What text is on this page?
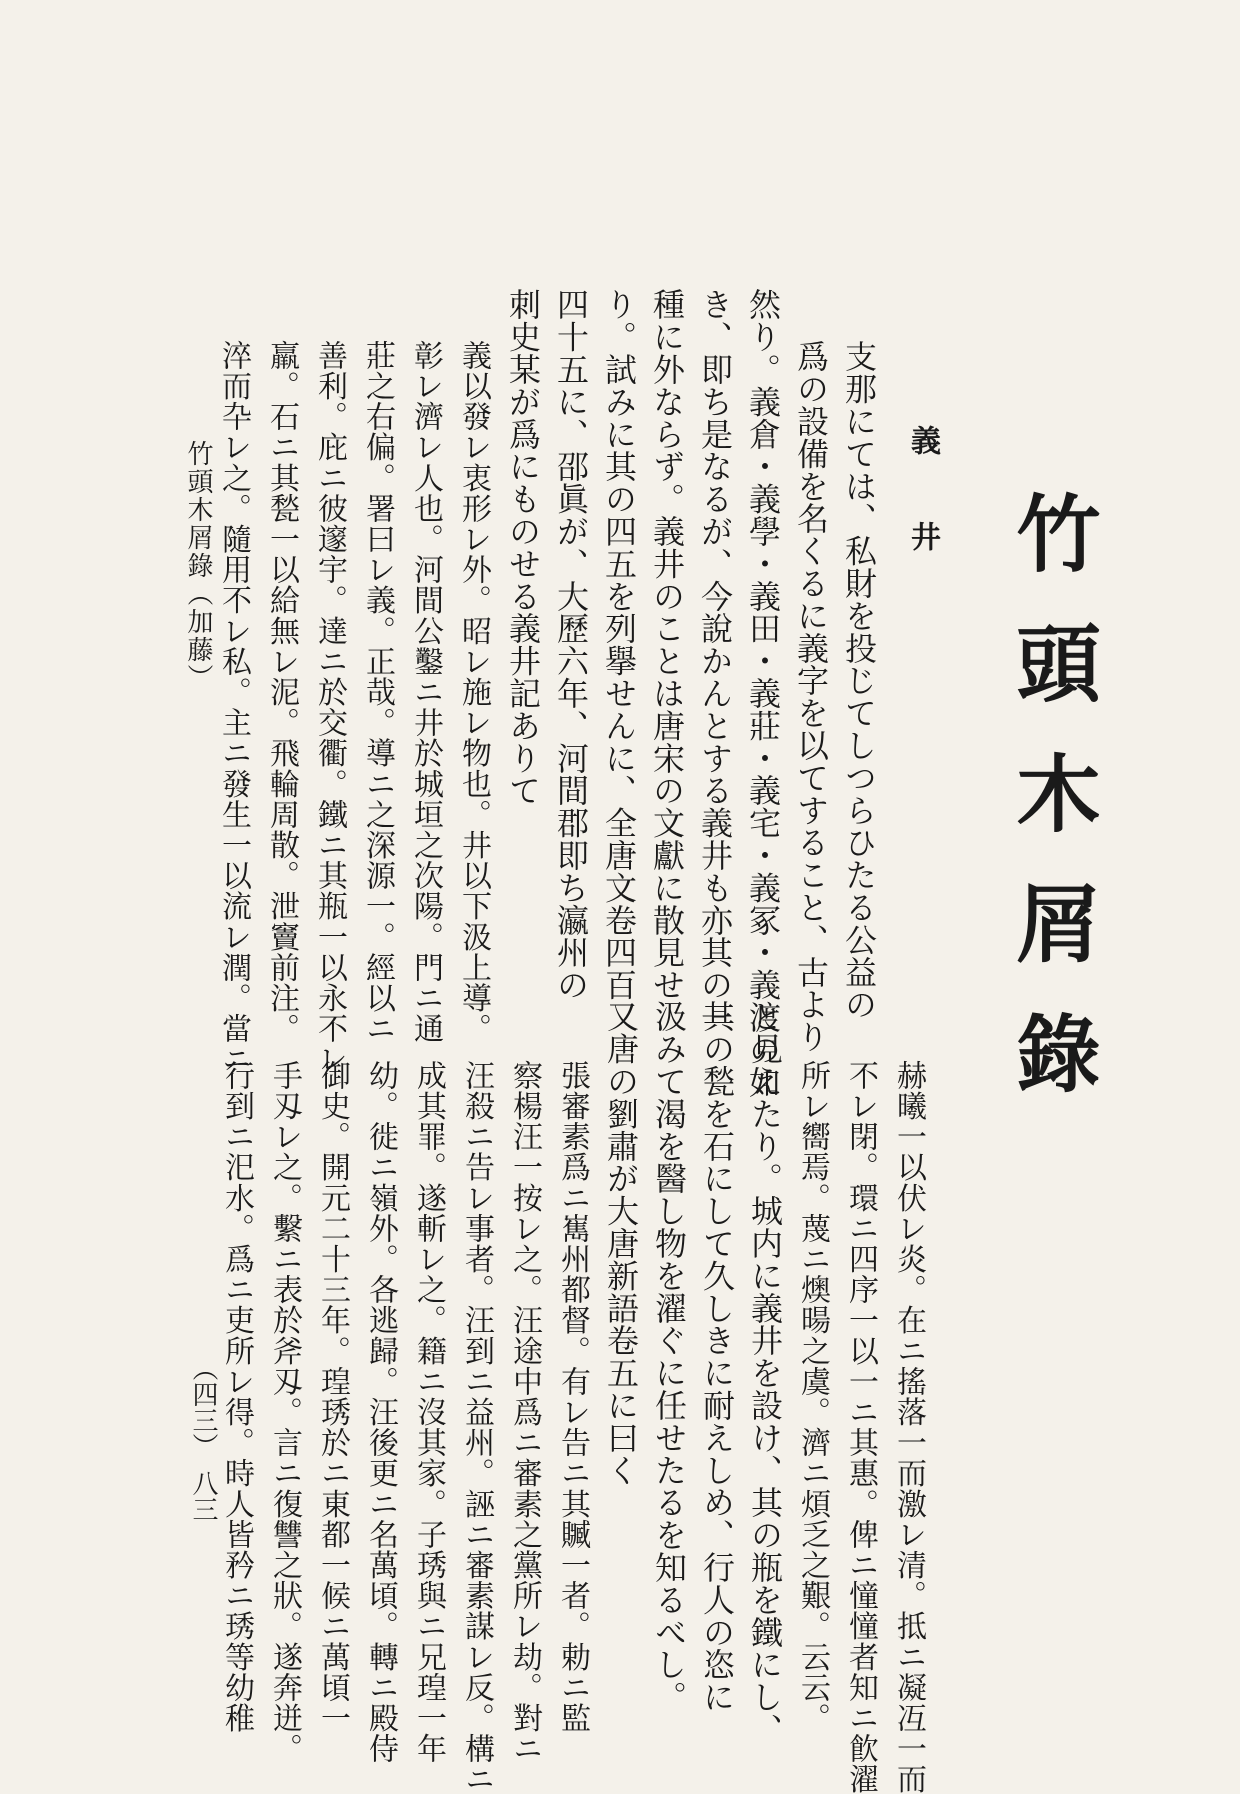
竹頭木屑錄
義　井
支那にては、私財を投じてしつらひたる公益の
爲の設備を名くるに義字を以てすること、古より
然り。義倉・義學・義田・義莊・義宅・義冢・義渡の如
き、即ち是なるが、今說かんとする義井も亦其の一
種に外ならず。義井のことは唐宋の文獻に散見せ
り。試みに其の四五を列擧せんに、全唐文卷四百
四十五に、邵眞が、大歷六年、河間郡即ち瀛州の
刺史某が爲にものせる義井記ありて
義以發レ衷形レ外。昭レ施レ物也。井以下汲上導。
彰レ濟レ人也。河間公鑿ニ井於城垣之次陽。門ニ通
莊之右偏。署曰レ義。正哉。導ニ之深源一。經以ニ
善利。庇ニ彼邃宇。達ニ於交衢。鐵ニ其瓶一以永不レ
羸。石ニ其甃一以給無レ泥。飛輪周散。泄竇前注。
淬而卆レ之。隨用不レ私。主ニ發生一以流レ潤。當ニ
竹頭木屑錄（加藤）
赫曦一以伏レ炎。在ニ搖落一而激レ清。抵ニ凝冱一而
不レ閉。環ニ四序一以一ニ其惠。俾ニ憧憧者知ニ飮濯
所レ嚮焉。蔑ニ燠暘之虞。濟ニ煩乏之艱。云云。
と見えたり。城内に義井を設け、其の瓶を鐵にし、
其の甃を石にして久しきに耐えしめ、行人の恣に
汲みて渴を醫し物を濯ぐに任せたるを知るべし。
又唐の劉肅が大唐新語卷五に曰く
張審素爲ニ嶲州都督。有レ告ニ其贓一者。勅ニ監
察楊汪一按レ之。汪途中爲ニ審素之黨所レ劫。對ニ
汪殺ニ告レ事者。汪到ニ益州。誣ニ審素謀レ反。構ニ
成其罪。遂斬レ之。籍ニ沒其家。子琇與ニ兄瑝一年
幼。徙ニ嶺外。各逃歸。汪後更ニ名萬頃。轉ニ殿侍
御史。開元二十三年。瑝琇於ニ東都一候ニ萬頃一
手刄レ之。繫ニ表於斧刄。言ニ復讐之狀。遂奔迸。
行到ニ汜水。爲ニ吏所レ得。時人皆矜ニ琇等幼稚
（四三）
八三
